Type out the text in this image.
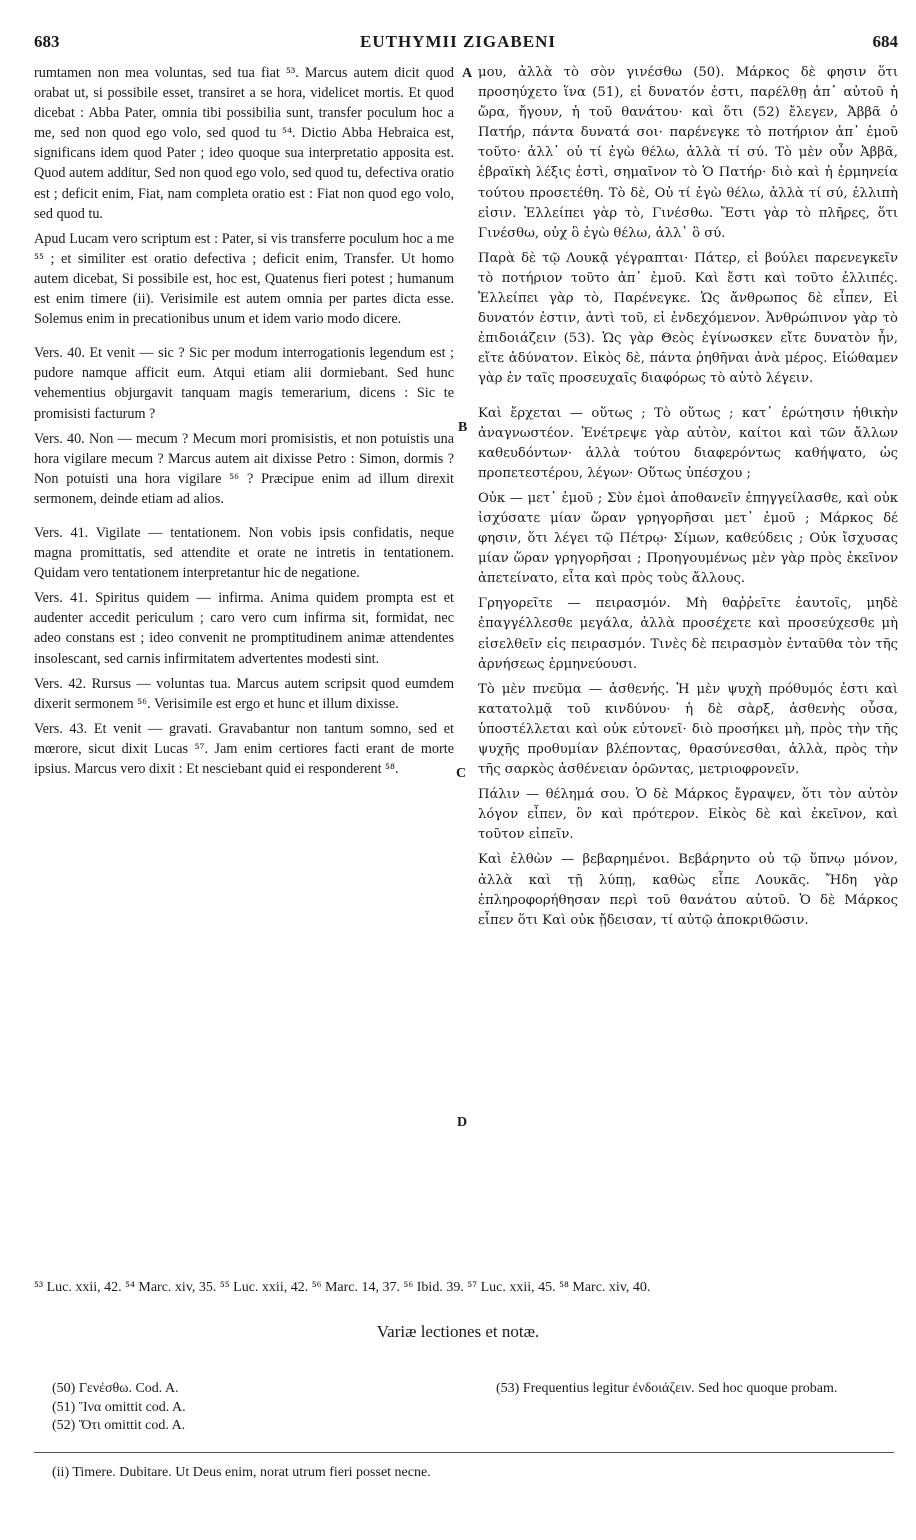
683	EUTHYMII ZIGABENI	684
A
B
C
D

rumtamen non mea voluntas, sed tua fiat ⁵³. Marcus autem dicit quod orabat ut, si possibile esset, transiret a se hora, videlicet mortis. Et quod dicebat : Abba Pater, omnia tibi possibilia sunt, transfer poculum hoc a me, sed non quod ego volo, sed quod tu ⁵⁴. Dictio Abba Hebraica est, significans idem quod Pater ; ideo quoque sua interpretatio apposita est. Quod autem additur, Sed non quod ego volo, sed quod tu, defectiva oratio est ; deficit enim, Fiat, nam completa oratio est : Fiat non quod ego volo, sed quod tu.

Apud Lucam vero scriptum est : Pater, si vis transferre poculum hoc a me ⁵⁵ ; et similiter est oratio defectiva ; deficit enim, Transfer. Ut homo autem dicebat, Si possibile est, hoc est, Quatenus fieri potest ; humanum est enim timere (ii). Verisimile est autem omnia per partes dicta esse. Solemus enim in precationibus unum et idem vario modo dicere.

Vers. 40. Et venit — sic ? Sic per modum interrogationis legendum est ; pudore namque afficit eum. Atqui etiam alii dormiebant. Sed hunc vehementius objurgavit tanquam magis temerarium, dicens : Sic te promisisti facturum ?

Vers. 40. Non — mecum ? Mecum mori promisistis, et non potuistis una hora vigilare mecum ? Marcus autem ait dixisse Petro : Simon, dormis ? Non potuisti una hora vigilare ⁵⁶ ? Præcipue enim ad illum direxit sermonem, deinde etiam ad alios.

Vers. 41. Vigilate — tentationem. Non vobis ipsis confidatis, neque magna promittatis, sed attendite et orate ne intretis in tentationem. Quidam vero tentationem interpretantur hic de negatione.

Vers. 41. Spiritus quidem — infirma. Anima quidem prompta est et audenter accedit periculum ; caro vero cum infirma sit, formidat, nec adeo constans est ; ideo convenit ne promptitudinem animæ attendentes insolescant, sed carnis infirmitatem advertentes modesti sint.

Vers. 42. Rursus — voluntas tua. Marcus autem scripsit quod eumdem dixerit sermonem ⁵⁶. Verisimile est ergo et hunc et illum dixisse.

Vers. 43. Et venit — gravati. Gravabantur non tantum somno, sed et mœrore, sicut dixit Lucas ⁵⁷. Jam enim certiores facti erant de morte ipsius. Marcus vero dixit : Et nesciebant quid ei responderent ⁵⁸.

μου, ἀλλὰ τὸ σὸν γινέσθω (50). Μάρκος δὲ φησιν ὅτι προσηύχετο ἵνα (51), εἰ δυνατόν ἐστι, παρέλθῃ ἀπ᾿ αὐτοῦ ἡ ὥρα, ἤγουν, ἡ τοῦ θανάτου· καὶ ὅτι (52) ἔλεγεν, Ἀββᾶ ὁ Πατήρ, πάντα δυνατά σοι· παρένεγκε τὸ ποτήριον ἀπ᾿ ἐμοῦ τοῦτο· ἀλλ᾿ οὐ τί ἐγὼ θέλω, ἀλλὰ τί σύ. Τὸ μὲν οὖν Ἀββᾶ, ἑβραϊκὴ λέξις ἐστὶ, σημαῖνον τὸ Ὁ Πατήρ· διὸ καὶ ἡ ἑρμηνεία τούτου προσετέθη. Τὸ δὲ, Οὐ τί ἐγὼ θέλω, ἀλλὰ τί σύ, ἐλλιπὴ εἰσιν. Ἐλλείπει γὰρ τὸ, Γινέσθω. Ἔστι γὰρ τὸ πλῆρες, ὅτι Γινέσθω, οὐχ ὃ ἐγὼ θέλω, ἀλλ᾿ ὃ σύ.

Παρὰ δὲ τῷ Λουκᾷ γέγραπται· Πάτερ, εἰ βούλει παρενεγκεῖν τὸ ποτήριον τοῦτο ἀπ᾿ ἐμοῦ. Καὶ ἔστι καὶ τοῦτο ἐλλιπές. Ἐλλείπει γὰρ τὸ, Παρένεγκε. Ὡς ἄνθρωπος δὲ εἶπεν, Εἰ δυνατόν ἐστιν, ἀντὶ τοῦ, εἰ ἐνδεχόμενον. Ἀνθρώπινον γὰρ τὸ ἐπιδοιάζειν (53). Ὡς γὰρ Θεὸς ἐγίνωσκεν εἴτε δυνατὸν ἦν, εἴτε ἀδύνατον. Εἰκὸς δὲ, πάντα ῥηθῆναι ἀνὰ μέρος. Εἰώθαμεν γὰρ ἐν ταῖς προσευχαῖς διαφόρως τὸ αὐτὸ λέγειν.

Καὶ ἔρχεται — οὕτως ; Τὸ οὕτως ; κατ᾿ ἐρώτησιν ἠθικὴν ἀναγνωστέον. Ἐνέτρεψε γὰρ αὐτὸν, καίτοι καὶ τῶν ἄλλων καθευδόντων· ἀλλὰ τούτου διαφερόντως καθήψατο, ὡς προπετεστέρου, λέγων· Οὕτως ὑπέσχου ;

Οὐκ — μετ᾿ ἐμοῦ ; Σὺν ἐμοὶ ἀποθανεῖν ἐπηγγείλασθε, καὶ οὐκ ἰσχύσατε μίαν ὥραν γρηγορῆσαι μετ᾿ ἐμοῦ ; Μάρκος δέ φησιν, ὅτι λέγει τῷ Πέτρῳ· Σίμων, καθεύδεις ; Οὐκ ἴσχυσας μίαν ὥραν γρηγορῆσαι ; Προηγουμένως μὲν γὰρ πρὸς ἐκεῖνον ἀπετείνατο, εἶτα καὶ πρὸς τοὺς ἄλλους.

Γρηγορεῖτε — πειρασμόν. Μὴ θαῤῥεῖτε ἑαυτοῖς, μηδὲ ἐπαγγέλλεσθε μεγάλα, ἀλλὰ προσέχετε καὶ προσεύχεσθε μὴ εἰσελθεῖν εἰς πειρασμόν. Τινὲς δὲ πειρασμὸν ἐνταῦθα τὸν τῆς ἀρνήσεως ἑρμηνεύουσι.

Τὸ μὲν πνεῦμα — ἀσθενής. Ἡ μὲν ψυχὴ πρόθυμός ἐστι καὶ κατατολμᾷ τοῦ κινδύνου· ἡ δὲ σὰρξ, ἀσθενὴς οὖσα, ὑποστέλλεται καὶ οὐκ εὐτονεῖ· διὸ προσήκει μὴ, πρὸς τὴν τῆς ψυχῆς προθυμίαν βλέποντας, θρασύνεσθαι, ἀλλὰ, πρὸς τὴν τῆς σαρκὸς ἀσθένειαν ὁρῶντας, μετριοφρονεῖν.

Πάλιν — θέλημά σου. Ὁ δὲ Μάρκος ἔγραψεν, ὅτι τὸν αὐτὸν λόγον εἶπεν, ὃν καὶ πρότερον. Εἰκὸς δὲ καὶ ἐκεῖνον, καὶ τοῦτον εἰπεῖν.

Καὶ ἐλθὼν — βεβαρημένοι. Βεβάρηντο οὐ τῷ ὕπνῳ μόνον, ἀλλὰ καὶ τῇ λύπῃ, καθὼς εἶπε Λουκᾶς. Ἤδη γὰρ ἐπληροφορήθησαν περὶ τοῦ θανάτου αὐτοῦ. Ὁ δὲ Μάρκος εἶπεν ὅτι Καὶ οὐκ ᾔδεισαν, τί αὐτῷ ἀποκριθῶσιν.

⁵³ Luc. xxii, 42. ⁵⁴ Marc. xiv, 35. ⁵⁵ Luc. xxii, 42. ⁵⁶ Marc. 14, 37. ⁵⁶ Ibid. 39. ⁵⁷ Luc. xxii, 45. ⁵⁸ Marc. xiv, 40.
Variæ lectiones et notæ.
(50) Γενέσθω. Cod. A.
(51) Ἵνα omittit cod. A.
(52) Ὅτι omittit cod. A.
(53) Frequentius legitur ἐνδοιάζειν. Sed hoc quoque probam.
(ii) Timere. Dubitare. Ut Deus enim, norat utrum fieri posset necne.
